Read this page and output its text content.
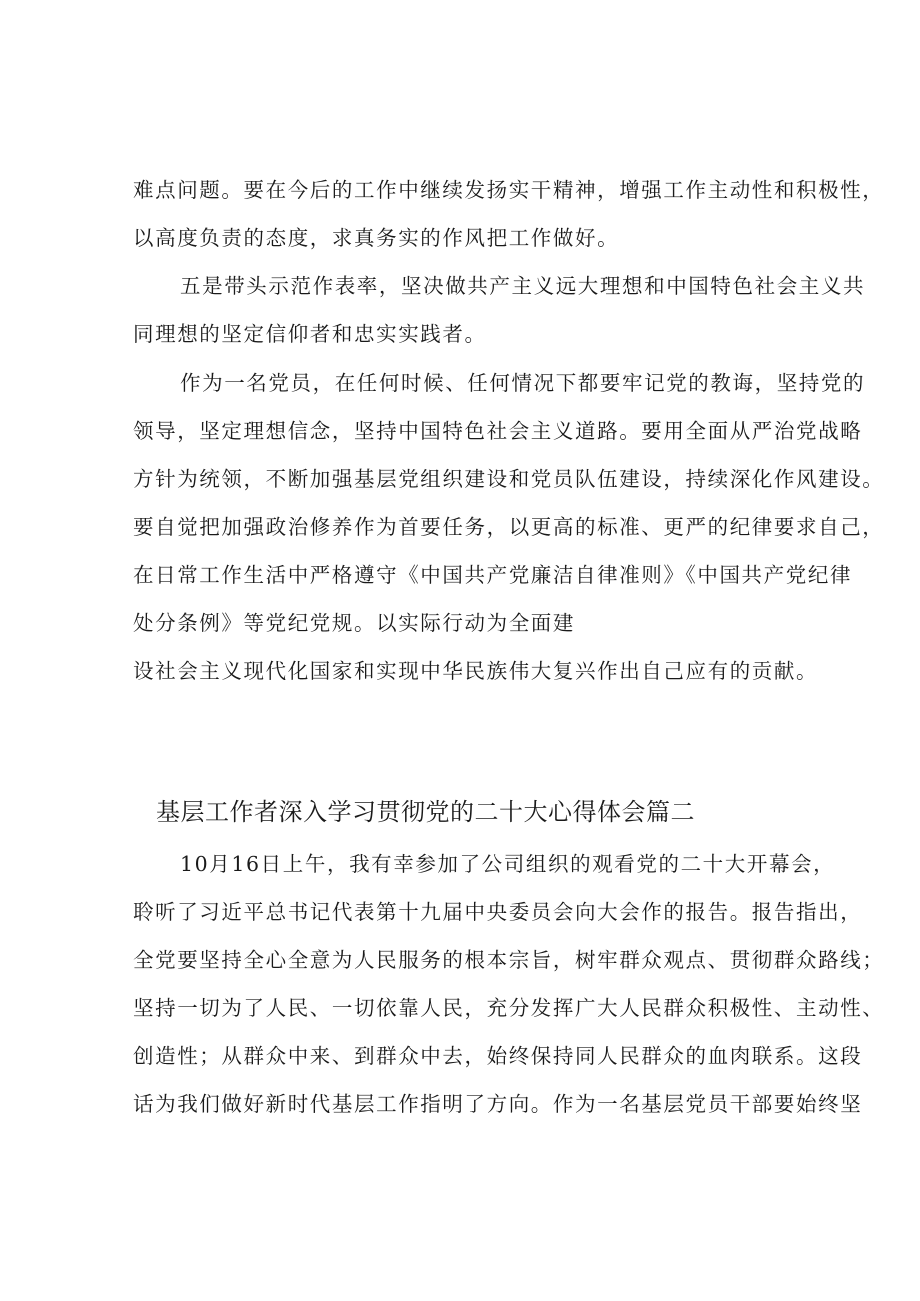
难点问题。要在今后的工作中继续发扬实干精神，增强工作主动性和积极性，
以高度负责的态度，求真务实的作风把工作做好。
五是带头示范作表率，坚决做共产主义远大理想和中国特色社会主义共
同理想的坚定信仰者和忠实实践者。
作为一名党员，在任何时候、任何情况下都要牢记党的教诲，坚持党的
领导，坚定理想信念，坚持中国特色社会主义道路。要用全面从严治党战略
方针为统领，不断加强基层党组织建设和党员队伍建设，持续深化作风建设。
要自觉把加强政治修养作为首要任务，以更高的标准、更严的纪律要求自己，
在日常工作生活中严格遵守《中国共产党廉洁自律准则》《中国共产党纪律
处分条例》等党纪党规。以实际行动为全面建
设社会主义现代化国家和实现中华民族伟大复兴作出自己应有的贡献。
基层工作者深入学习贯彻党的二十大心得体会篇二
10月16日上午，我有幸参加了公司组织的观看党的二十大开幕会，
聆听了习近平总书记代表第十九届中央委员会向大会作的报告。报告指出，
全党要坚持全心全意为人民服务的根本宗旨，树牢群众观点、贯彻群众路线；
坚持一切为了人民、一切依靠人民，充分发挥广大人民群众积极性、主动性、
创造性；从群众中来、到群众中去，始终保持同人民群众的血肉联系。这段
话为我们做好新时代基层工作指明了方向。作为一名基层党员干部要始终坚
